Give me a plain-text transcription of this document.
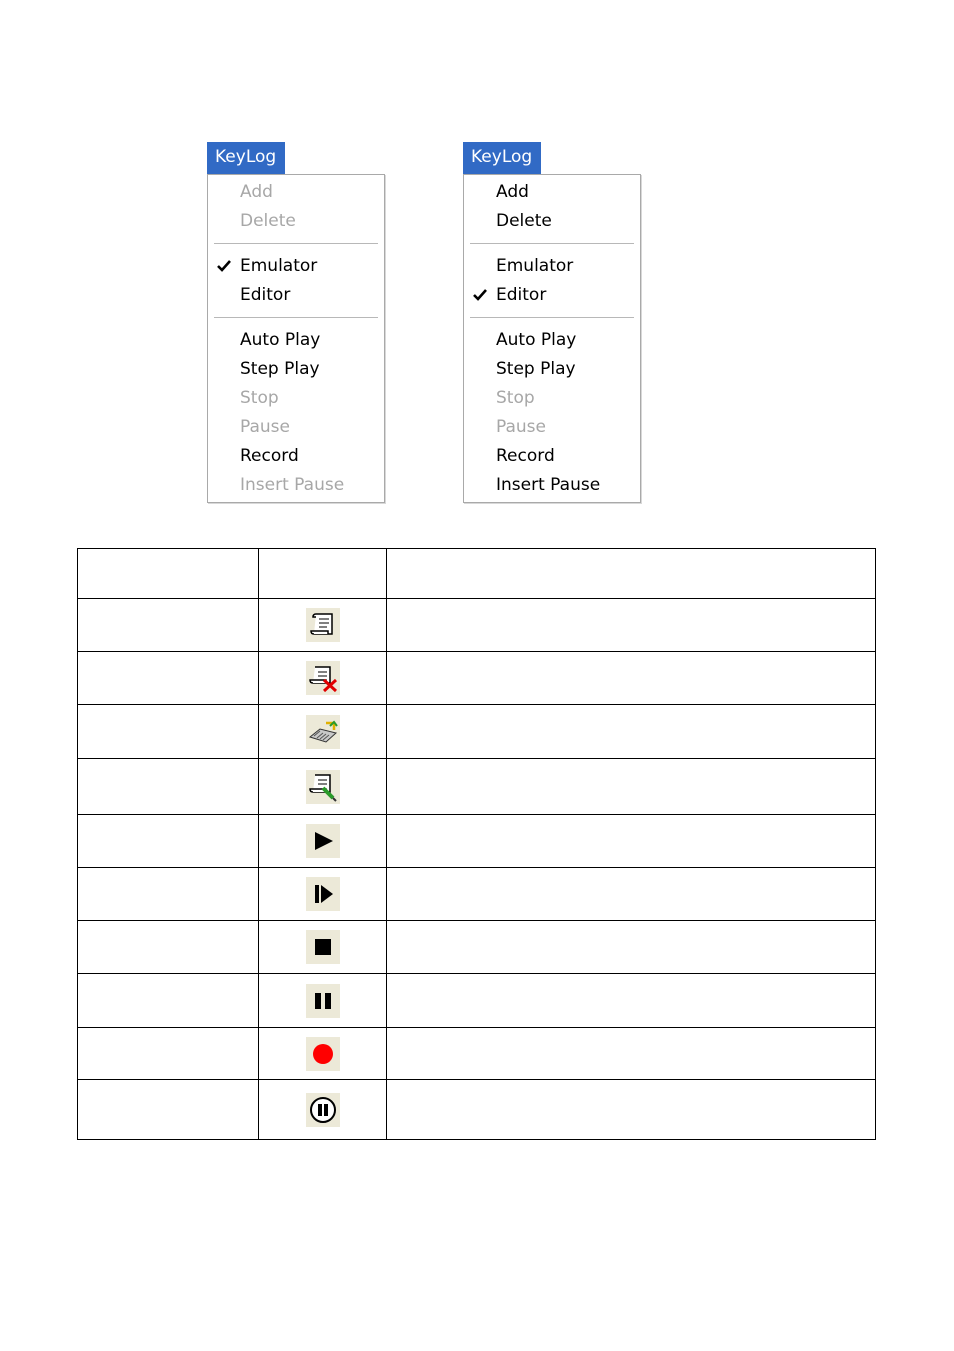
KeyLog
Add
Delete
Emulator
Editor
Auto Play
Step Play
Stop
Pause
Record
Insert Pause
KeyLog
Add
Delete
Emulator
Editor
Auto Play
Step Play
Stop
Pause
Record
Insert Pause
